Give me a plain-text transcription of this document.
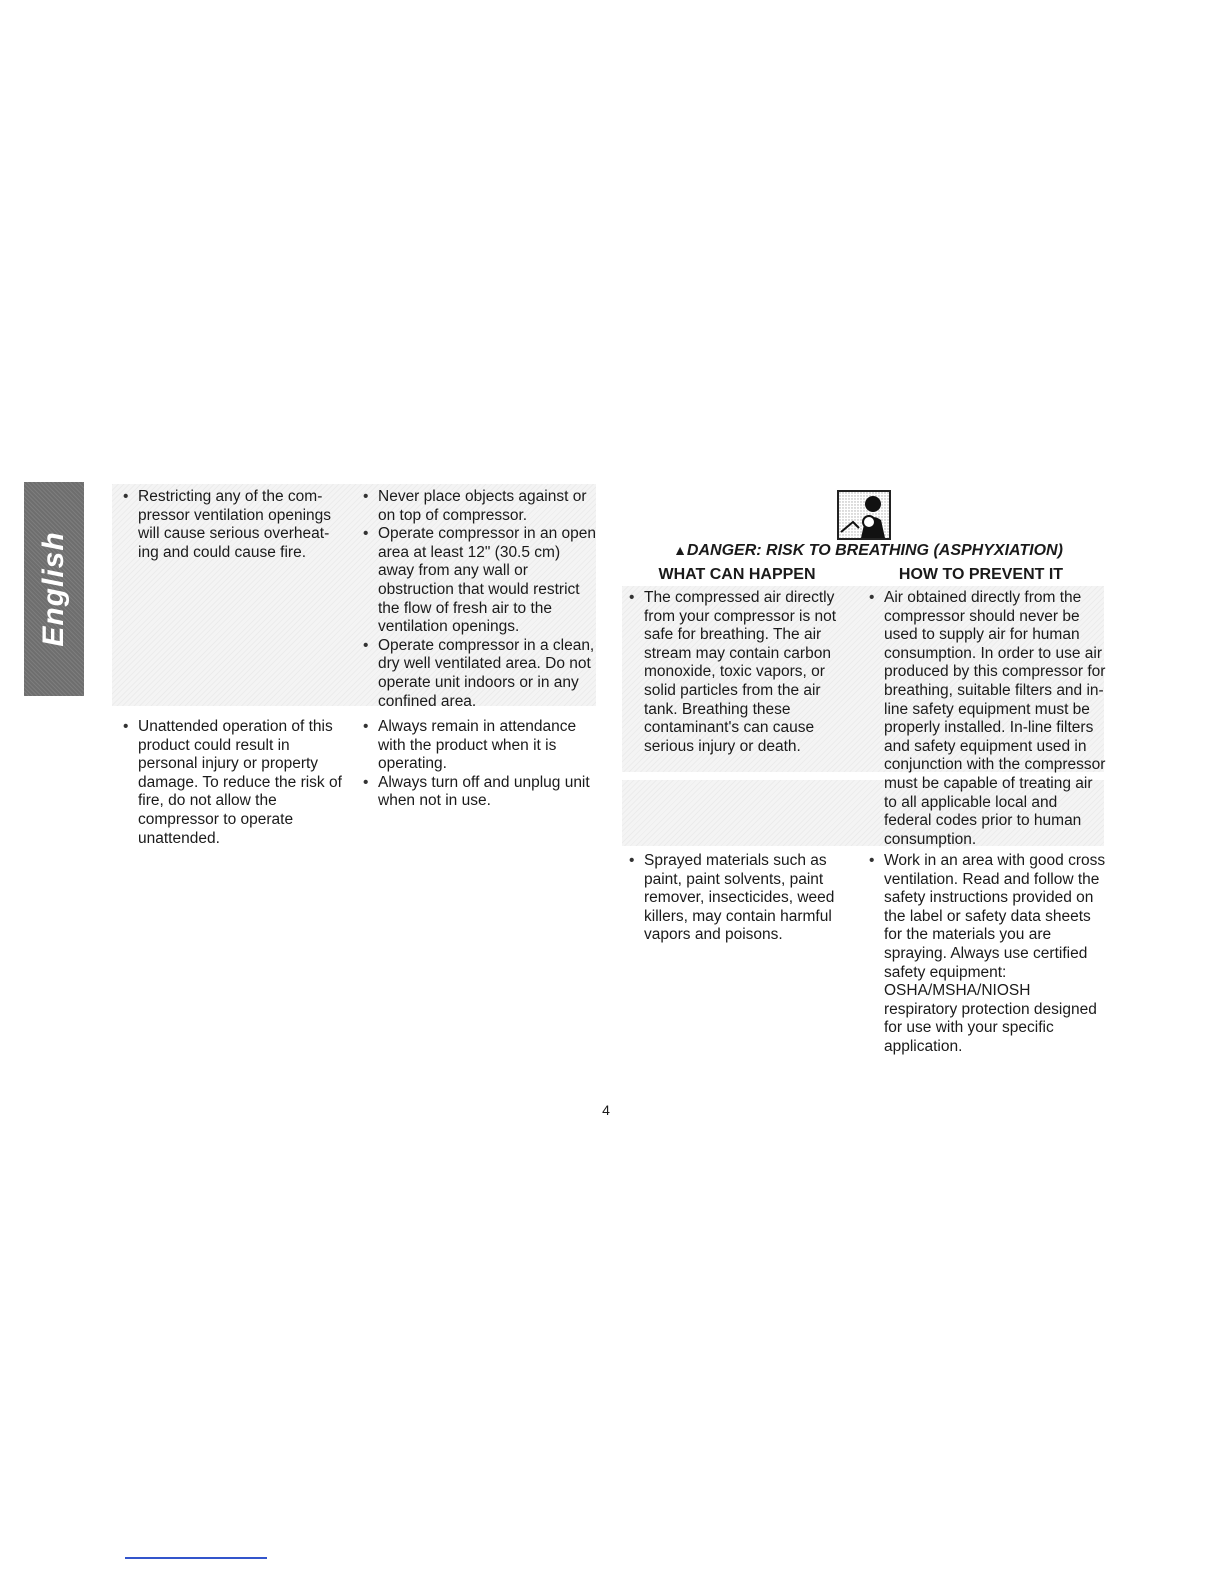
English
• Restricting any of the com-pressor ventilation openings will cause serious overheat-ing and could cause fire.
• Never place objects against or on top of compressor.
• Operate compressor in an open area at least 12" (30.5 cm) away from any wall or obstruction that would restrict the flow of fresh air to the ventilation openings.
• Operate compressor in a clean, dry well ventilated area. Do not operate unit indoors or in any confined area.
• Unattended operation of this product could result in personal injury or property damage. To reduce the risk of fire, do not allow the compressor to operate unattended.
• Always remain in attendance with the product when it is operating.
• Always turn off and unplug unit when not in use.
▲DANGER: RISK TO BREATHING (ASPHYXIATION)
WHAT CAN HAPPEN	HOW TO PREVENT IT
• The compressed air directly from your compressor is not safe for breathing. The air stream may contain carbon monoxide, toxic vapors, or solid particles from the air tank. Breathing these contaminant's can cause serious injury or death.
• Air obtained directly from the compressor should never be used to supply air for human consumption. In order to use air produced by this compressor for breathing, suitable filters and in-line safety equipment must be properly installed. In-line filters and safety equipment used in conjunction with the compressor must be capable of treating air to all applicable local and federal codes prior to human consumption.
• Sprayed materials such as paint, paint solvents, paint remover, insecticides, weed killers, may contain harmful vapors and poisons.
• Work in an area with good cross ventilation. Read and follow the safety instructions provided on the label or safety data sheets for the materials you are spraying. Always use certified safety equipment: OSHA/MSHA/NIOSH respiratory protection designed for use with your specific application.
4
